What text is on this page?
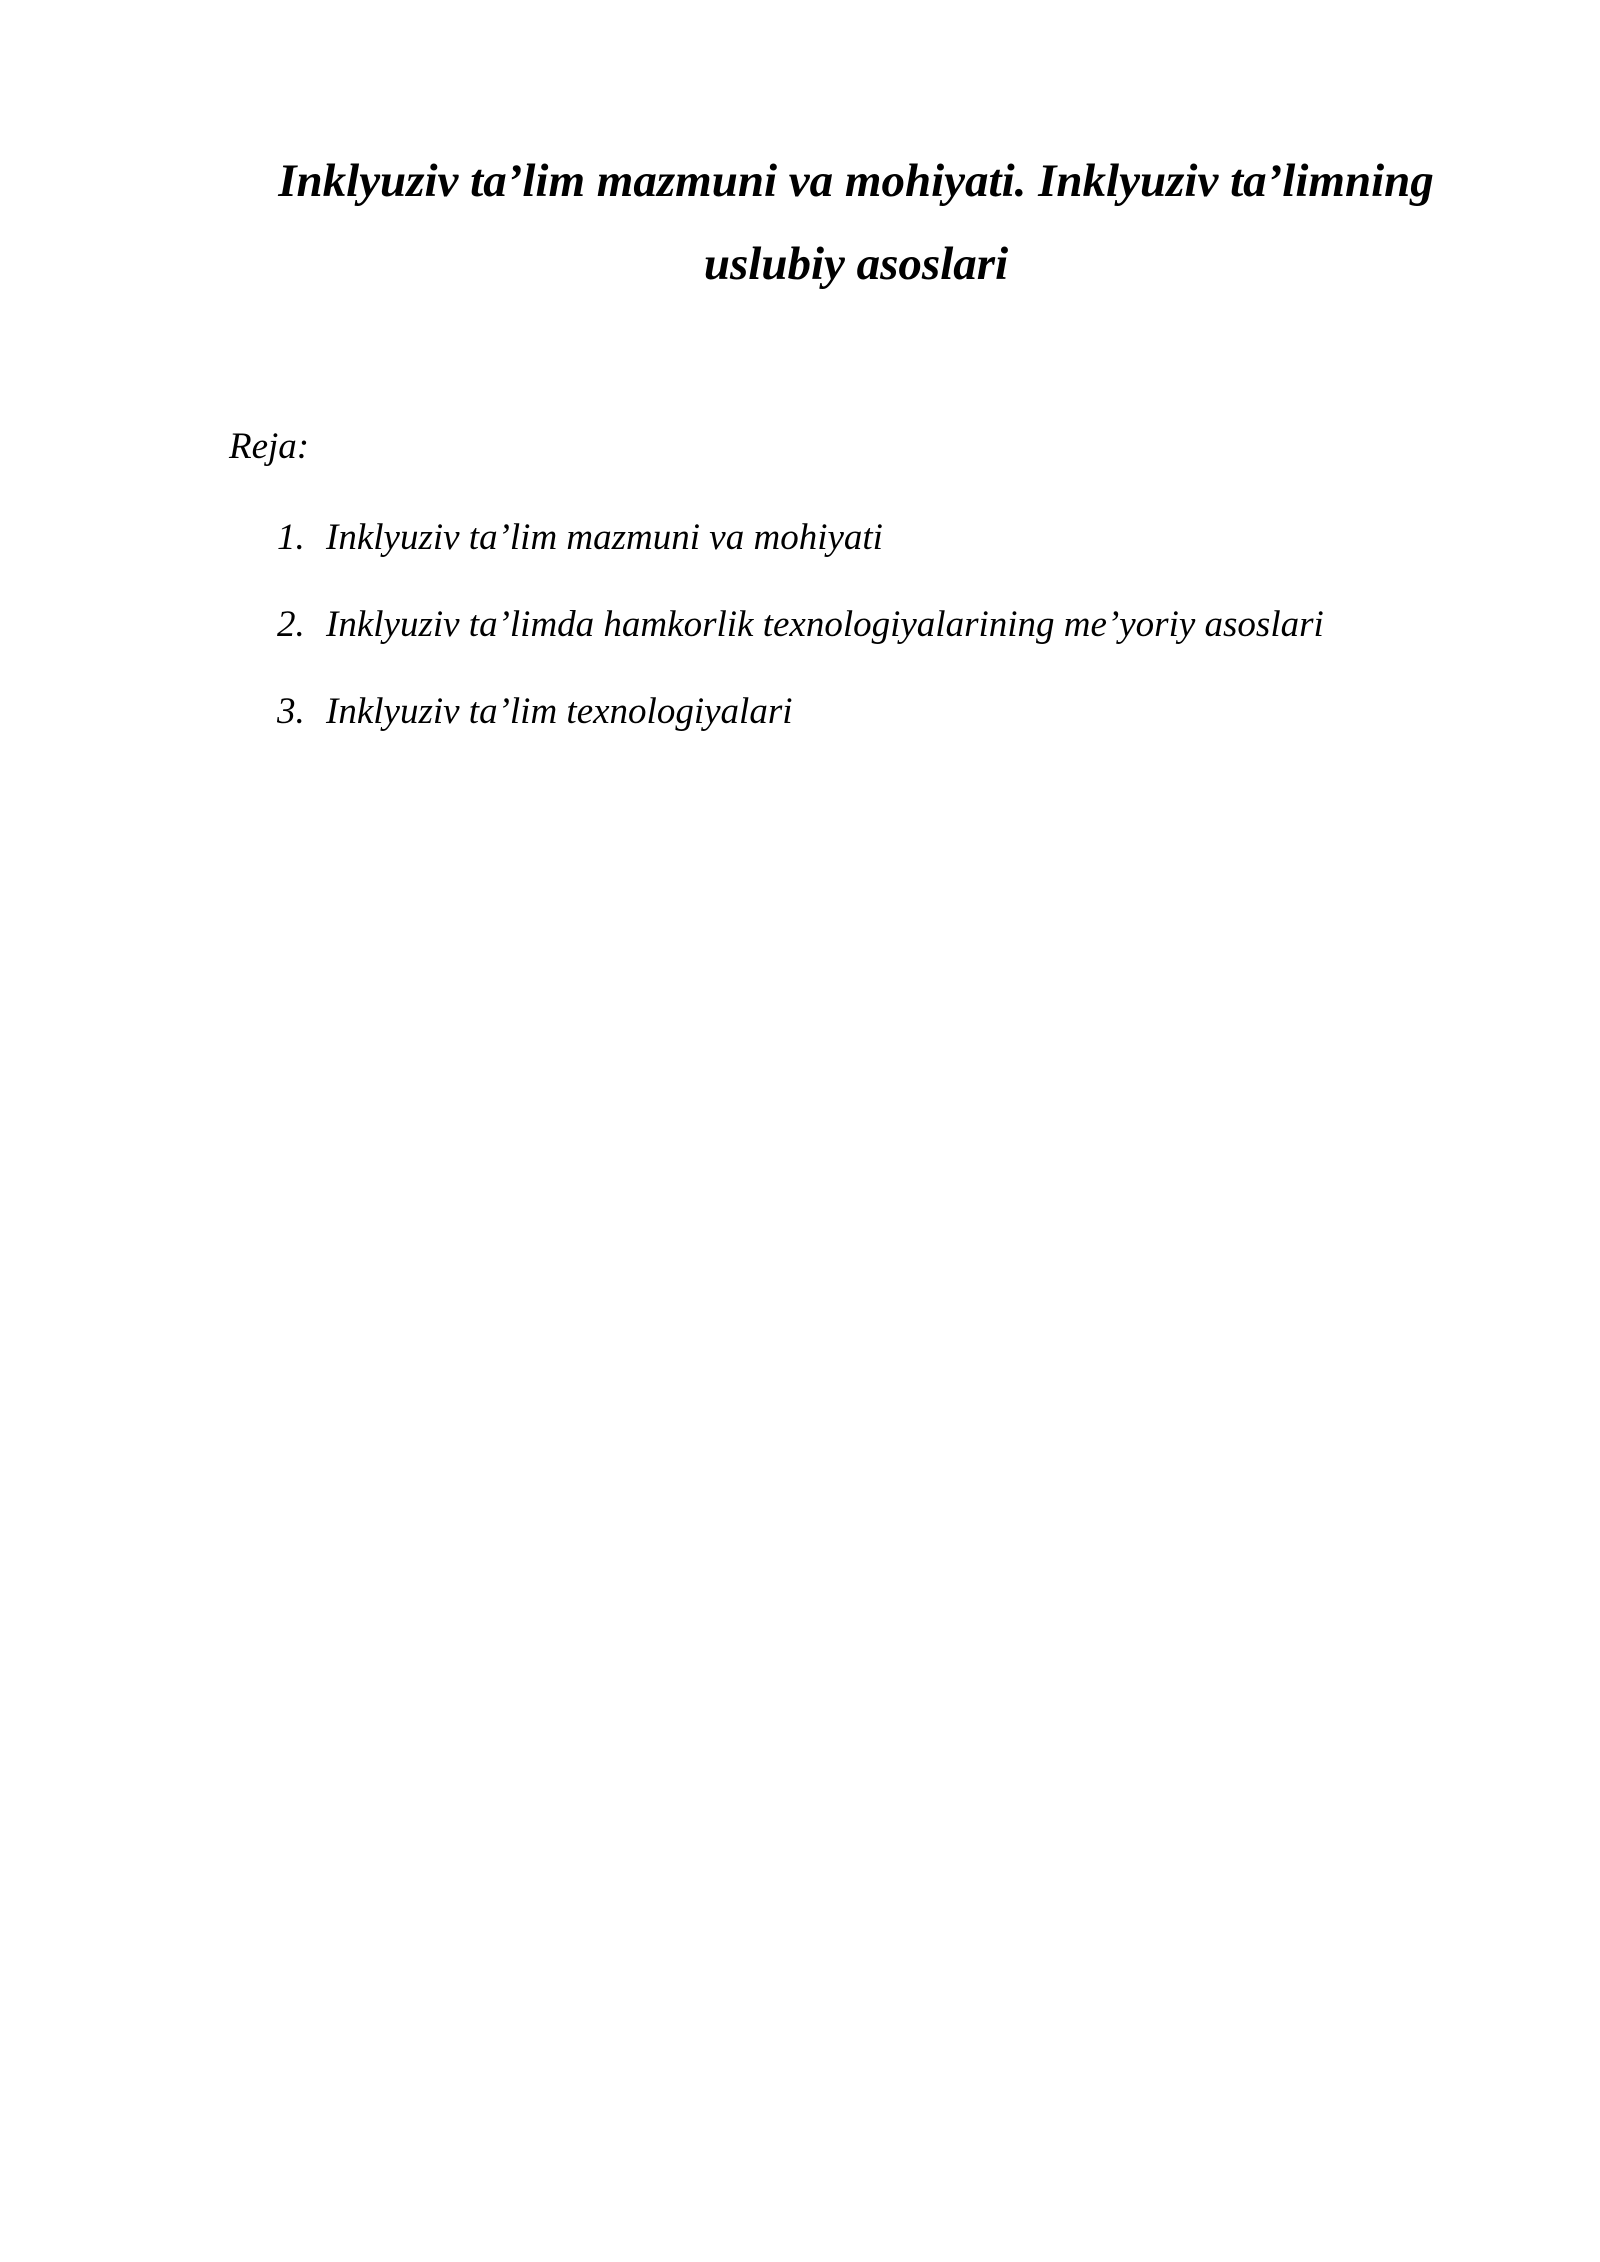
Inklyuziv ta’lim mazmuni va mohiyati. Inklyuziv ta’limning uslubiy asoslari

Reja:

1. Inklyuziv ta’lim mazmuni va mohiyati
2. Inklyuziv ta’limda hamkorlik texnologiyalarining me’yoriy asoslari
3. Inklyuziv ta’lim texnologiyalari
